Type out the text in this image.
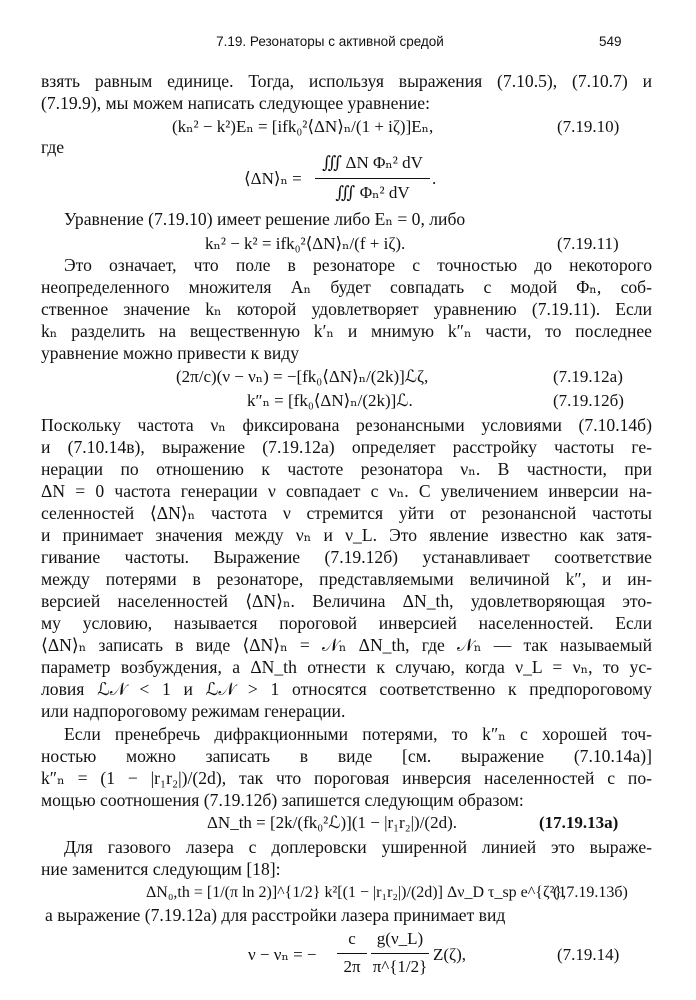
7.19. Резонаторы с активной средой	549
взять равным единице. Тогда, используя выражения (7.10.5), (7.10.7) и
(7.19.9), мы можем написать следующее уравнение:
(kₙ² − k²)Eₙ = [ifk₀²⟨ΔN⟩ₙ/(1 + iζ)]Eₙ,	(7.19.10)
где
⟨ΔN⟩ₙ =
∭ ΔN Φₙ² dV
∭ Φₙ² dV
.
Уравнение (7.19.10) имеет решение либо Eₙ = 0, либо
kₙ² − k² = ifk₀²⟨ΔN⟩ₙ/(f + iζ).	(7.19.11)
Это означает, что поле в резонаторе с точностью до некоторого
неопределенного множителя Aₙ будет совпадать с модой Φₙ, соб-
ственное значение kₙ которой удовлетворяет уравнению (7.19.11). Если
kₙ разделить на вещественную k′ₙ и мнимую k″ₙ части, то последнее
уравнение можно привести к виду
(2π/c)(ν − νₙ) = −[fk₀⟨ΔN⟩ₙ/(2k)]ℒζ,	(7.19.12а)
k″ₙ = [fk₀⟨ΔN⟩ₙ/(2k)]ℒ.	(7.19.12б)
Поскольку частота νₙ фиксирована резонансными условиями (7.10.14б)
и (7.10.14в), выражение (7.19.12а) определяет расстройку частоты ге-
нерации по отношению к частоте резонатора νₙ. В частности, при
ΔN = 0 частота генерации ν совпадает с νₙ. С увеличением инверсии на-
селенностей ⟨ΔN⟩ₙ частота ν стремится уйти от резонансной частоты
и принимает значения между νₙ и ν_L. Это явление известно как затя-
гивание частоты. Выражение (7.19.12б) устанавливает соответствие
между потерями в резонаторе, представляемыми величиной k″, и ин-
версией населенностей ⟨ΔN⟩ₙ. Величина ΔN_th, удовлетворяющая это-
му условию, называется пороговой инверсией населенностей. Если
⟨ΔN⟩ₙ записать в виде ⟨ΔN⟩ₙ = 𝒩ₙ ΔN_th, где 𝒩ₙ — так называемый
параметр возбуждения, а ΔN_th отнести к случаю, когда ν_L = νₙ, то ус-
ловия ℒ𝒩 < 1 и ℒ𝒩 > 1 относятся соответственно к предпороговому
или надпороговому режимам генерации.
Если пренебречь дифракционными потерями, то k″ₙ с хорошей точ-
ностью можно записать в виде [см. выражение (7.10.14а)]
k″ₙ = (1 − |r₁r₂|)/(2d), так что пороговая инверсия населенностей с по-
мощью соотношения (7.19.12б) запишется следующим образом:
ΔN_th = [2k/(fk₀²ℒ)](1 − |r₁r₂|)/(2d).	(17.19.13а)
Для газового лазера с доплеровски уширенной линией это выраже-
ние заменится следующим [18]:
ΔN₀,th = [1/(π ln 2)]^{1/2} k²[(1 − |r₁r₂|)/(2d)] Δν_D τ_sp e^{ζ²},
(17.19.13б)
а выражение (7.19.12а) для расстройки лазера принимает вид
ν − νₙ = −
c
2π
g(ν_L)
π^{1/2}
Z(ζ),	(7.19.14)
